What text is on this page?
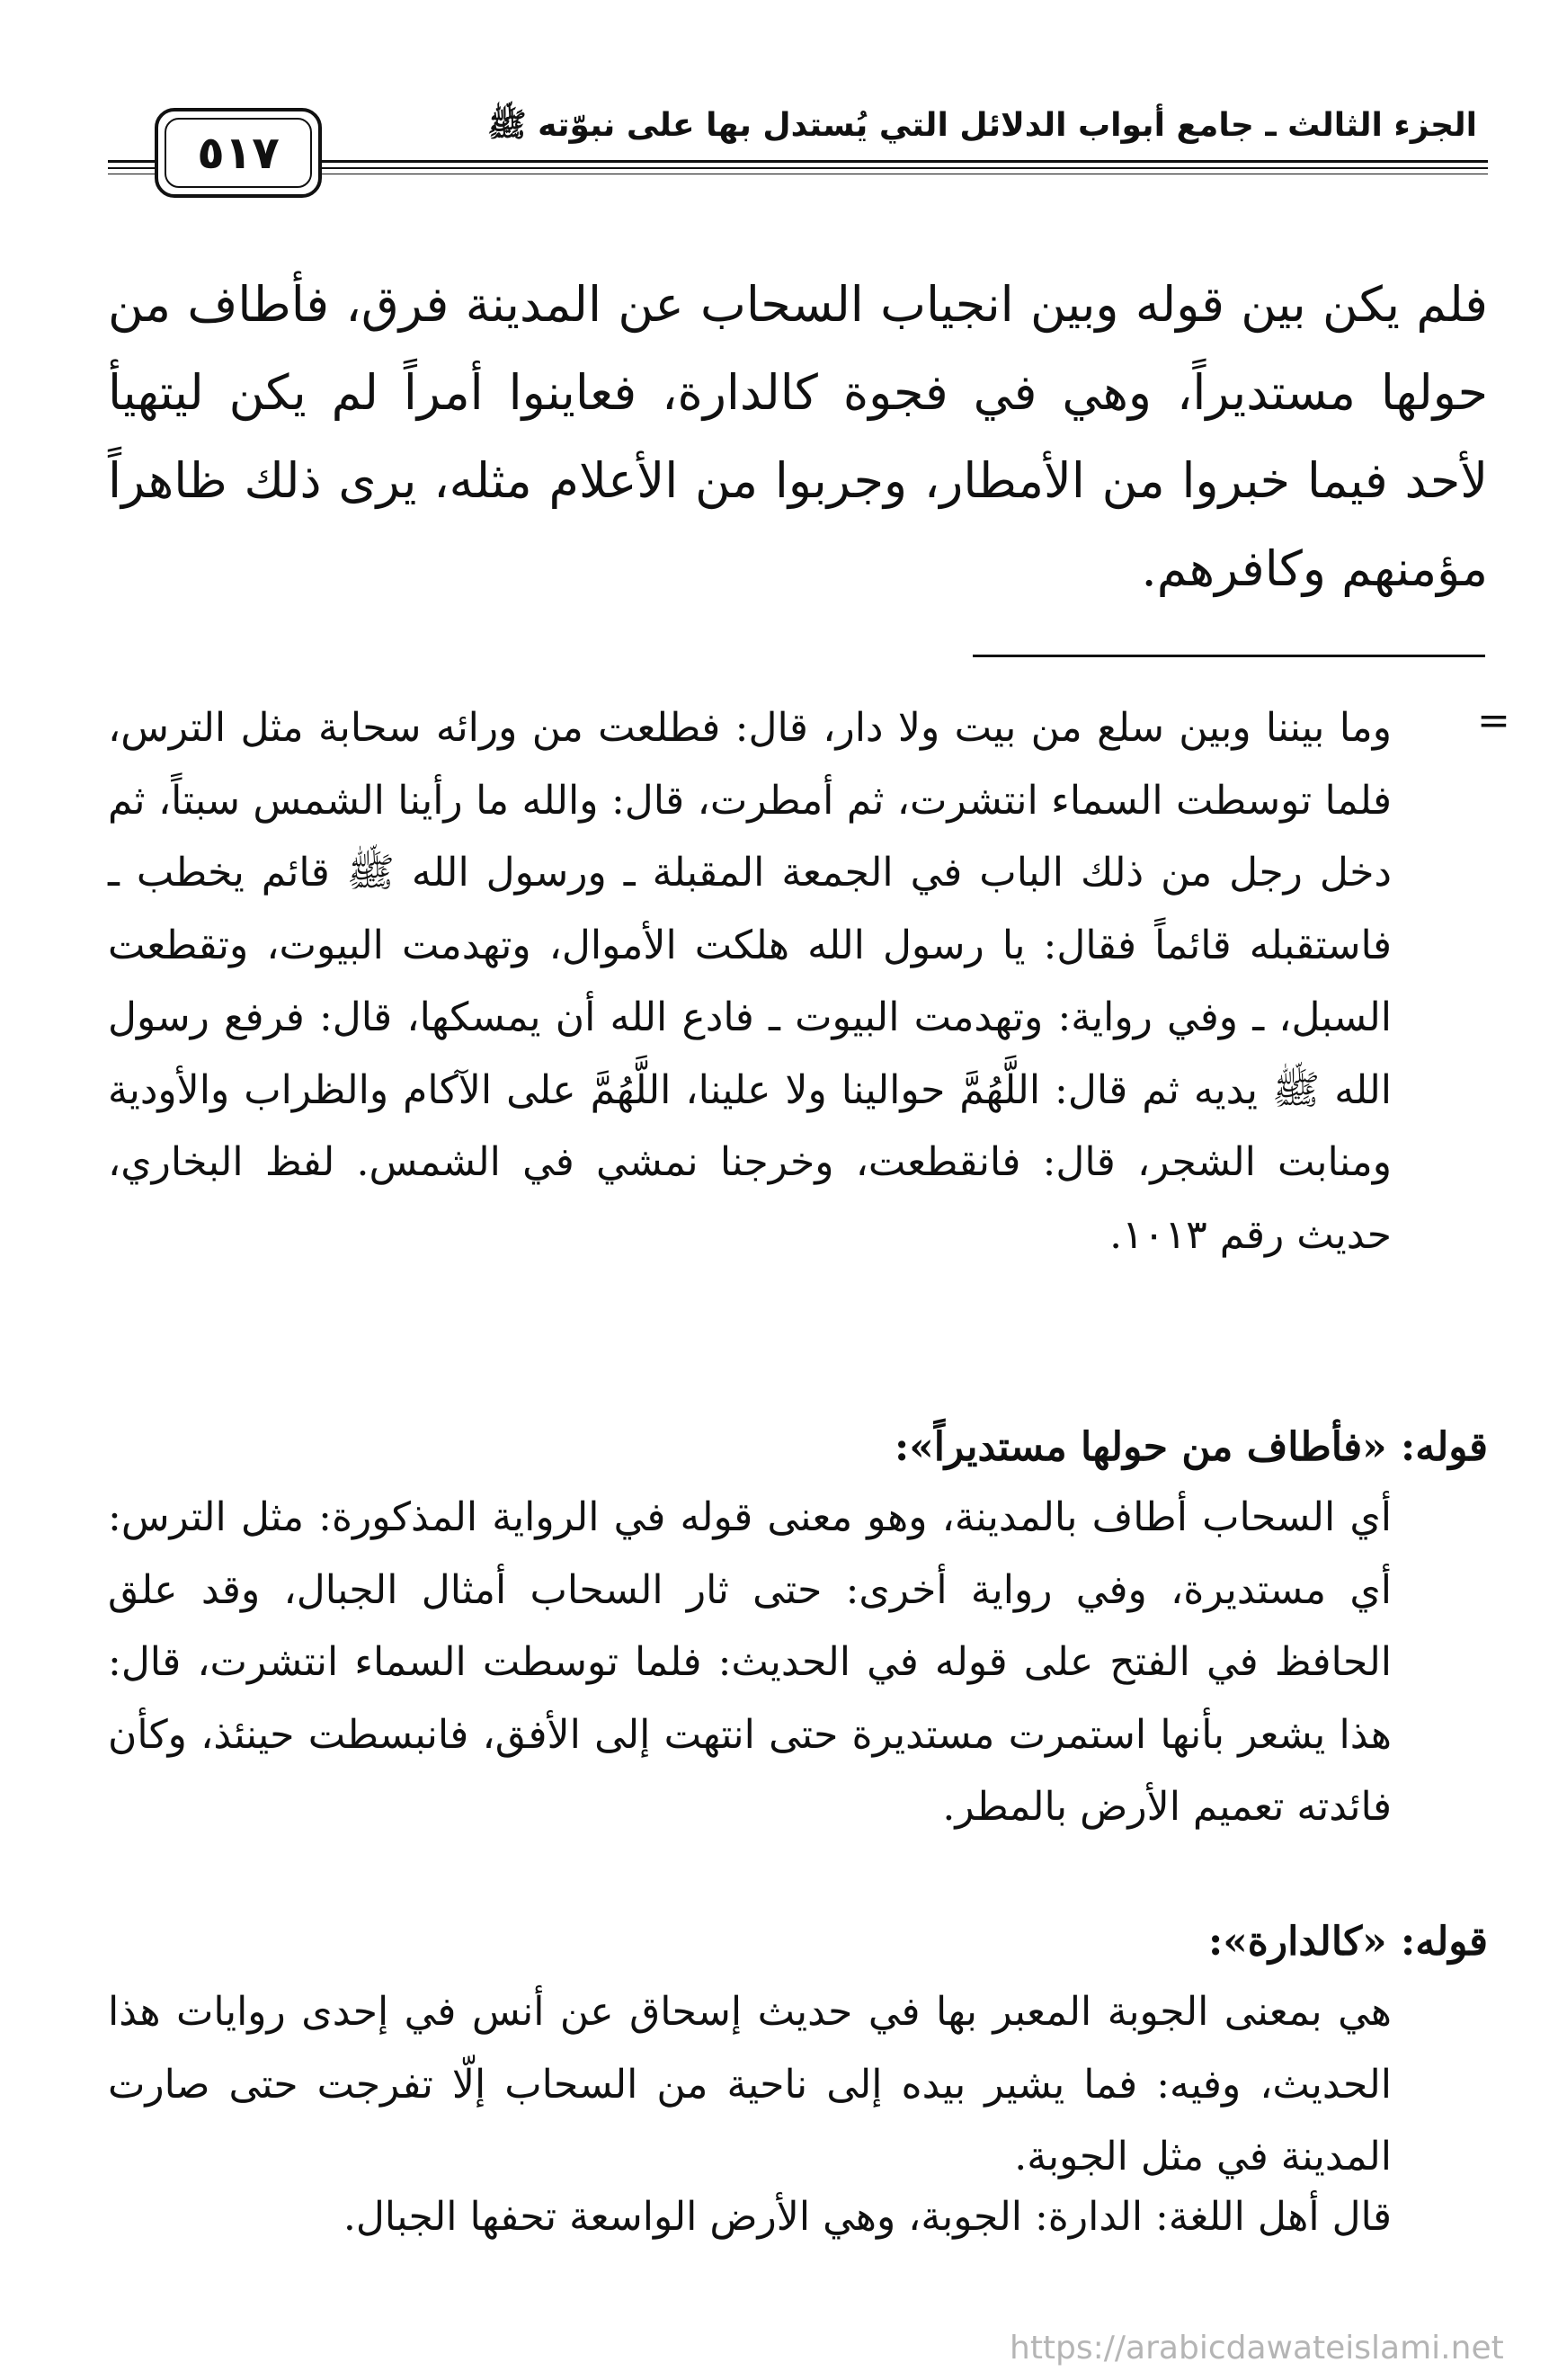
الجزء الثالث ـ جامع أبواب الدلائل التي يُستدل بها على نبوّته ﷺ
٥١٧
فلم يكن بين قوله وبين انجياب السحاب عن المدينة فرق، فأطاف من حولها مستديراً، وهي في فجوة كالدارة، فعاينوا أمراً لم يكن ليتهيأ لأحد فيما خبروا من الأمطار، وجربوا من الأعلام مثله، يرى ذلك ظاهراً مؤمنهم وكافرهم.
=
وما بيننا وبين سلع من بيت ولا دار، قال: فطلعت من ورائه سحابة مثل الترس، فلما توسطت السماء انتشرت، ثم أمطرت، قال: والله ما رأينا الشمس سبتاً، ثم دخل رجل من ذلك الباب في الجمعة المقبلة ـ ورسول الله ﷺ قائم يخطب ـ فاستقبله قائماً فقال: يا رسول الله هلكت الأموال، وتهدمت البيوت، وتقطعت السبل، ـ وفي رواية: وتهدمت البيوت ـ فادع الله أن يمسكها، قال: فرفع رسول الله ﷺ يديه ثم قال: اللَّهُمَّ حوالينا ولا علينا، اللَّهُمَّ على الآكام والظراب والأودية ومنابت الشجر، قال: فانقطعت، وخرجنا نمشي في الشمس. لفظ البخاري، حديث رقم ١٠١٣.
قوله: «فأطاف من حولها مستديراً»:
أي السحاب أطاف بالمدينة، وهو معنى قوله في الرواية المذكورة: مثل الترس: أي مستديرة، وفي رواية أخرى: حتى ثار السحاب أمثال الجبال، وقد علق الحافظ في الفتح على قوله في الحديث: فلما توسطت السماء انتشرت، قال: هذا يشعر بأنها استمرت مستديرة حتى انتهت إلى الأفق، فانبسطت حينئذ، وكأن فائدته تعميم الأرض بالمطر.
قوله: «كالدارة»:
هي بمعنى الجوبة المعبر بها في حديث إسحاق عن أنس في إحدى روايات هذا الحديث، وفيه: فما يشير بيده إلى ناحية من السحاب إلّا تفرجت حتى صارت المدينة في مثل الجوبة.
قال أهل اللغة: الدارة: الجوبة، وهي الأرض الواسعة تحفها الجبال.
https://arabicdawateislami.net
